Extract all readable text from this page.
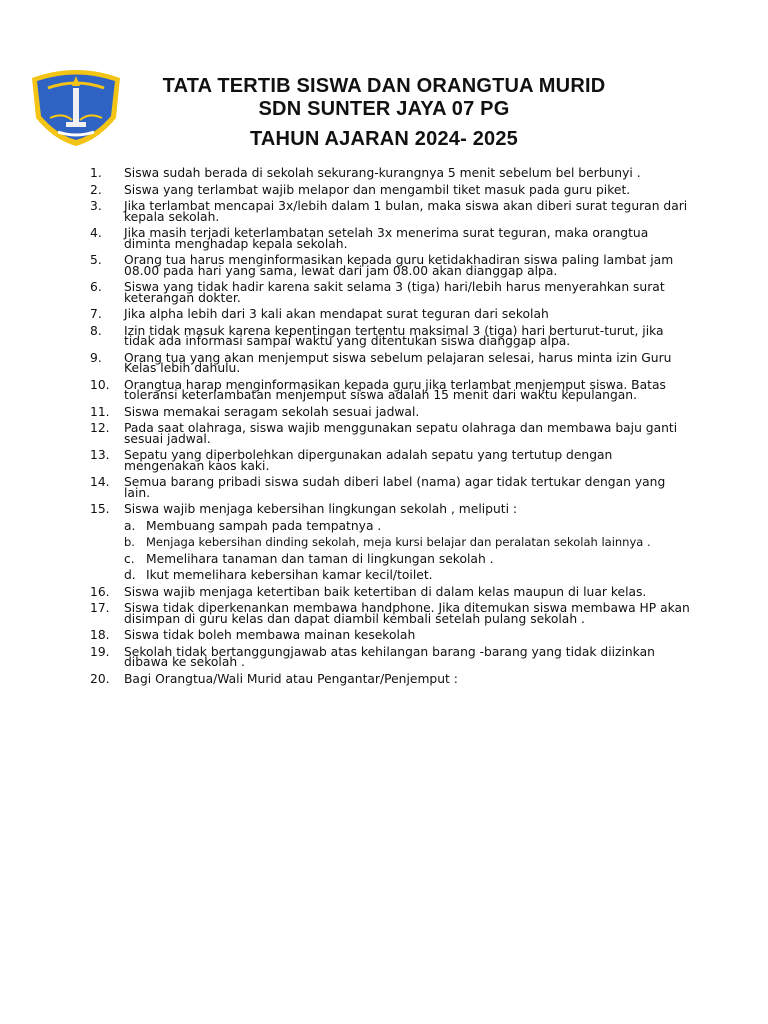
TATA TERTIB SISWA DAN ORANGTUA MURID
SDN SUNTER JAYA 07 PG
TAHUN AJARAN 2024- 2025
1. Siswa sudah berada di sekolah sekurang-kurangnya 5 menit sebelum bel berbunyi .
2. Siswa yang terlambat wajib melapor dan mengambil tiket masuk pada guru piket.
3. Jika terlambat mencapai 3x/lebih dalam 1 bulan, maka siswa akan diberi surat teguran dari kepala sekolah.
4. Jika masih terjadi keterlambatan setelah 3x menerima surat teguran, maka orangtua diminta menghadap kepala sekolah.
5. Orang tua harus menginformasikan kepada guru ketidakhadiran siswa paling lambat jam 08.00 pada hari yang sama, lewat dari jam 08.00 akan dianggap alpa.
6. Siswa yang tidak hadir karena sakit selama 3 (tiga) hari/lebih harus menyerahkan surat keterangan dokter.
7. Jika alpha lebih dari 3 kali akan mendapat surat teguran dari sekolah
8. Izin tidak masuk karena kepentingan tertentu maksimal 3 (tiga) hari berturut-turut, jika tidak ada informasi sampai waktu yang ditentukan siswa dianggap alpa.
9. Orang tua yang akan menjemput siswa sebelum pelajaran selesai, harus minta izin Guru Kelas lebih dahulu.
10. Orangtua harap menginformasikan kepada guru jika terlambat menjemput siswa. Batas toleransi keterlambatan menjemput siswa adalah 15 menit dari waktu kepulangan.
11. Siswa memakai seragam sekolah sesuai jadwal.
12. Pada saat olahraga, siswa wajib menggunakan sepatu olahraga dan membawa baju ganti sesuai jadwal.
13. Sepatu yang diperbolehkan dipergunakan adalah sepatu yang tertutup dengan mengenakan kaos kaki.
14. Semua barang pribadi siswa sudah diberi label (nama) agar tidak tertukar dengan yang lain.
15. Siswa wajib menjaga kebersihan lingkungan sekolah , meliputi :
a. Membuang sampah pada tempatnya .
b. Menjaga kebersihan dinding sekolah, meja kursi belajar dan peralatan sekolah lainnya .
c. Memelihara tanaman dan taman di lingkungan sekolah .
d. Ikut memelihara kebersihan kamar kecil/toilet.
16. Siswa wajib menjaga ketertiban baik ketertiban di dalam kelas maupun di luar kelas.
17. Siswa tidak diperkenankan membawa handphone. Jika ditemukan siswa membawa HP akan disimpan di guru kelas dan dapat diambil kembali setelah pulang sekolah .
18. Siswa tidak boleh membawa mainan kesekolah
19. Sekolah tidak bertanggungjawab atas kehilangan barang -barang yang tidak diizinkan dibawa ke sekolah .
20. Bagi Orangtua/Wali Murid atau Pengantar/Penjemput :
